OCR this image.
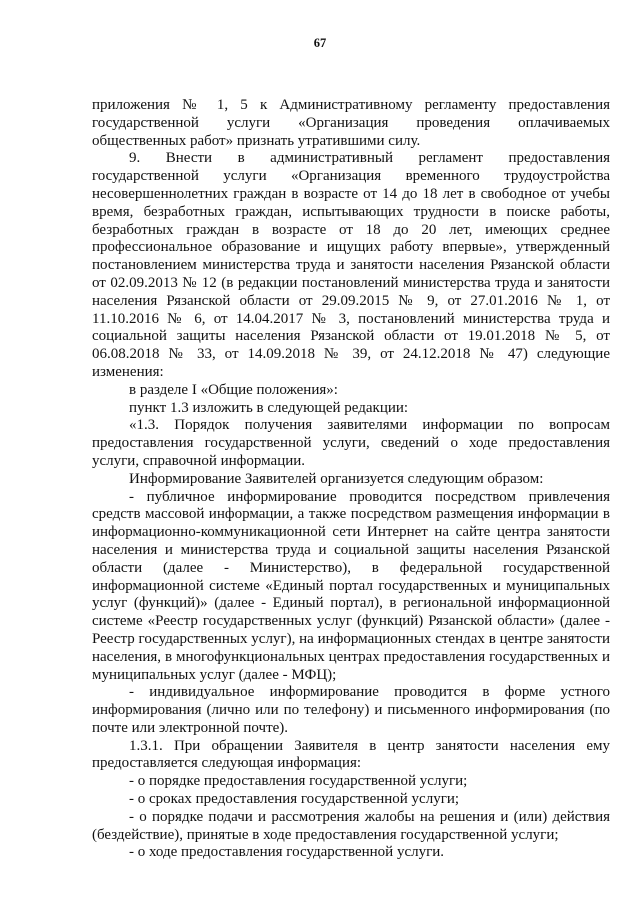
67

приложения № 1, 5 к Административному регламенту предоставления государственной услуги «Организация проведения оплачиваемых общественных работ» признать утратившими силу.

9. Внести в административный регламент предоставления государственной услуги «Организация временного трудоустройства несовершеннолетних граждан в возрасте от 14 до 18 лет в свободное от учебы время, безработных граждан, испытывающих трудности в поиске работы, безработных граждан в возрасте от 18 до 20 лет, имеющих среднее профессиональное образование и ищущих работу впервые», утвержденный постановлением министерства труда и занятости населения Рязанской области от 02.09.2013 № 12 (в редакции постановлений министерства труда и занятости населения Рязанской области от 29.09.2015 № 9, от 27.01.2016 № 1, от 11.10.2016 № 6, от 14.04.2017 № 3, постановлений министерства труда и социальной защиты населения Рязанской области от 19.01.2018 № 5, от 06.08.2018 № 33, от 14.09.2018 № 39, от 24.12.2018 № 47) следующие изменения:

в разделе I «Общие положения»:

пункт 1.3 изложить в следующей редакции:

«1.3. Порядок получения заявителями информации по вопросам предоставления государственной услуги, сведений о ходе предоставления услуги, справочной информации.

Информирование Заявителей организуется следующим образом:

- публичное информирование проводится посредством привлечения средств массовой информации, а также посредством размещения информации в информационно-коммуникационной сети Интернет на сайте центра занятости населения и министерства труда и социальной защиты населения Рязанской области (далее - Министерство), в федеральной государственной информационной системе «Единый портал государственных и муниципальных услуг (функций)» (далее - Единый портал), в региональной информационной системе «Реестр государственных услуг (функций) Рязанской области» (далее - Реестр государственных услуг), на информационных стендах в центре занятости населения, в многофункциональных центрах предоставления государственных и муниципальных услуг (далее - МФЦ);

- индивидуальное информирование проводится в форме устного информирования (лично или по телефону) и письменного информирования (по почте или электронной почте).

1.3.1. При обращении Заявителя в центр занятости населения ему предоставляется следующая информация:

- о порядке предоставления государственной услуги;

- о сроках предоставления государственной услуги;

- о порядке подачи и рассмотрения жалобы на решения и (или) действия (бездействие), принятые в ходе предоставления государственной услуги;

- о ходе предоставления государственной услуги.
